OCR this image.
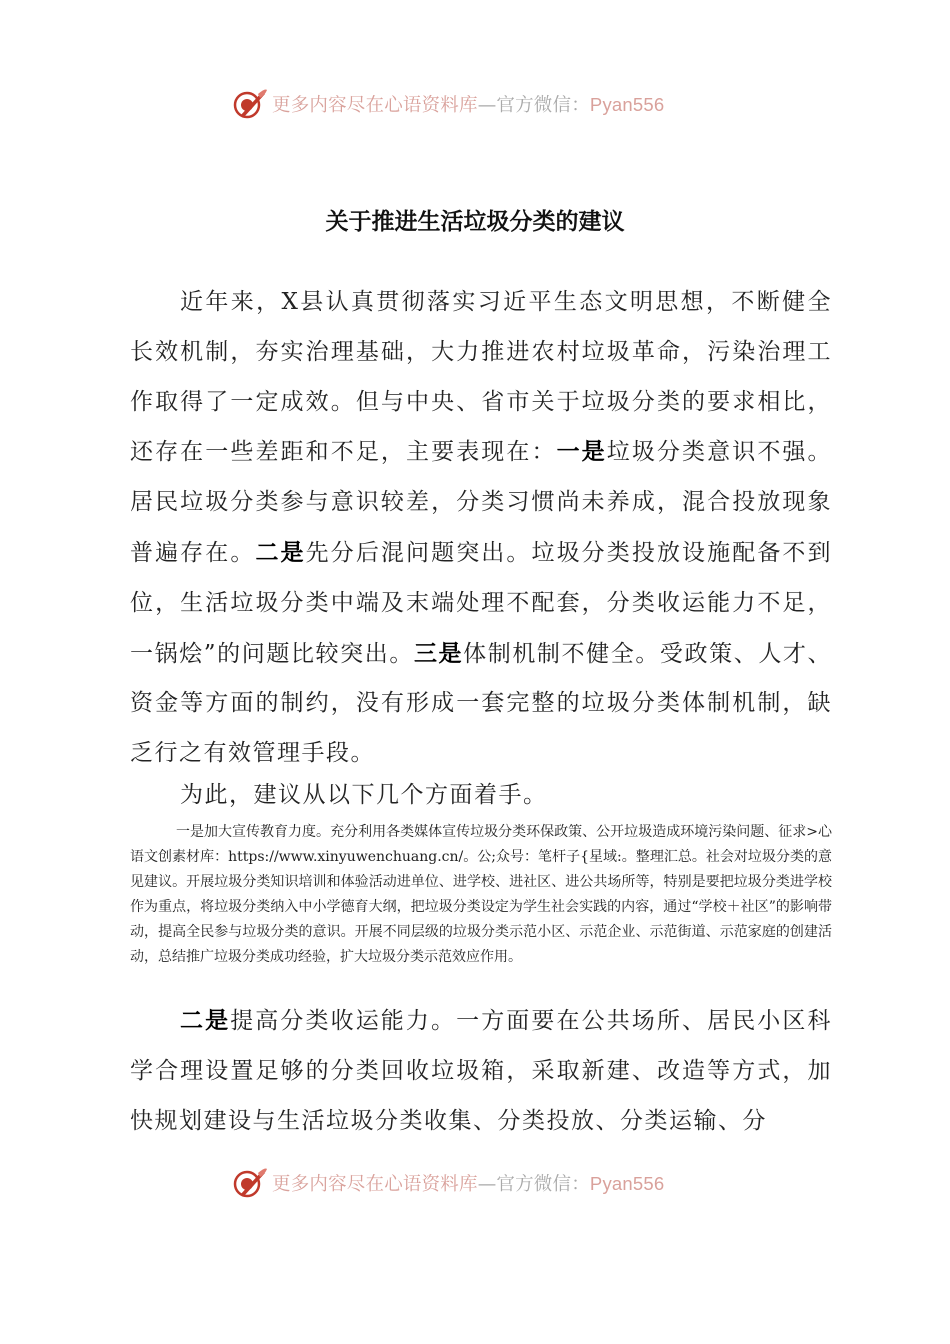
更多内容尽在心语资料库—官方微信：Pyan556
关于推进生活垃圾分类的建议

近年来，X县认真贯彻落实习近平生态文明思想，不断健全长效机制，夯实治理基础，大力推进农村垃圾革命，污染治理工作取得了一定成效。但与中央、省市关于垃圾分类的要求相比，还存在一些差距和不足，主要表现在：一是垃圾分类意识不强。居民垃圾分类参与意识较差，分类习惯尚未养成，混合投放现象普遍存在。二是先分后混问题突出。垃圾分类投放设施配备不到位，生活垃圾分类中端及末端处理不配套，分类收运能力不足，一锅烩”的问题比较突出。三是体制机制不健全。受政策、人才、资金等方面的制约，没有形成一套完整的垃圾分类体制机制，缺乏行之有效管理手段。

为此，建议从以下几个方面着手。

一是加大宣传教育力度。充分利用各类媒体宣传垃圾分类环保政策、公开垃圾造成环境污染问题、征求>心语文创素材库：https://www.xinyuwenchuang.cn/。公;众号：笔杆子{星域:。整理汇总。社会对垃圾分类的意见建议。开展垃圾分类知识培训和体验活动进单位、进学校、进社区、进公共场所等，特别是要把垃圾分类进学校作为重点，将垃圾分类纳入中小学德育大纲，把垃圾分类设定为学生社会实践的内容，通过“学校＋社区”的影响带动，提高全民参与垃圾分类的意识。开展不同层级的垃圾分类示范小区、示范企业、示范街道、示范家庭的创建活动，总结推广垃圾分类成功经验，扩大垃圾分类示范效应作用。

二是提高分类收运能力。一方面要在公共场所、居民小区科学合理设置足够的分类回收垃圾箱，采取新建、改造等方式，加快规划建设与生活垃圾分类收集、分类投放、分类运输、分

更多内容尽在心语资料库—官方微信：Pyan556
